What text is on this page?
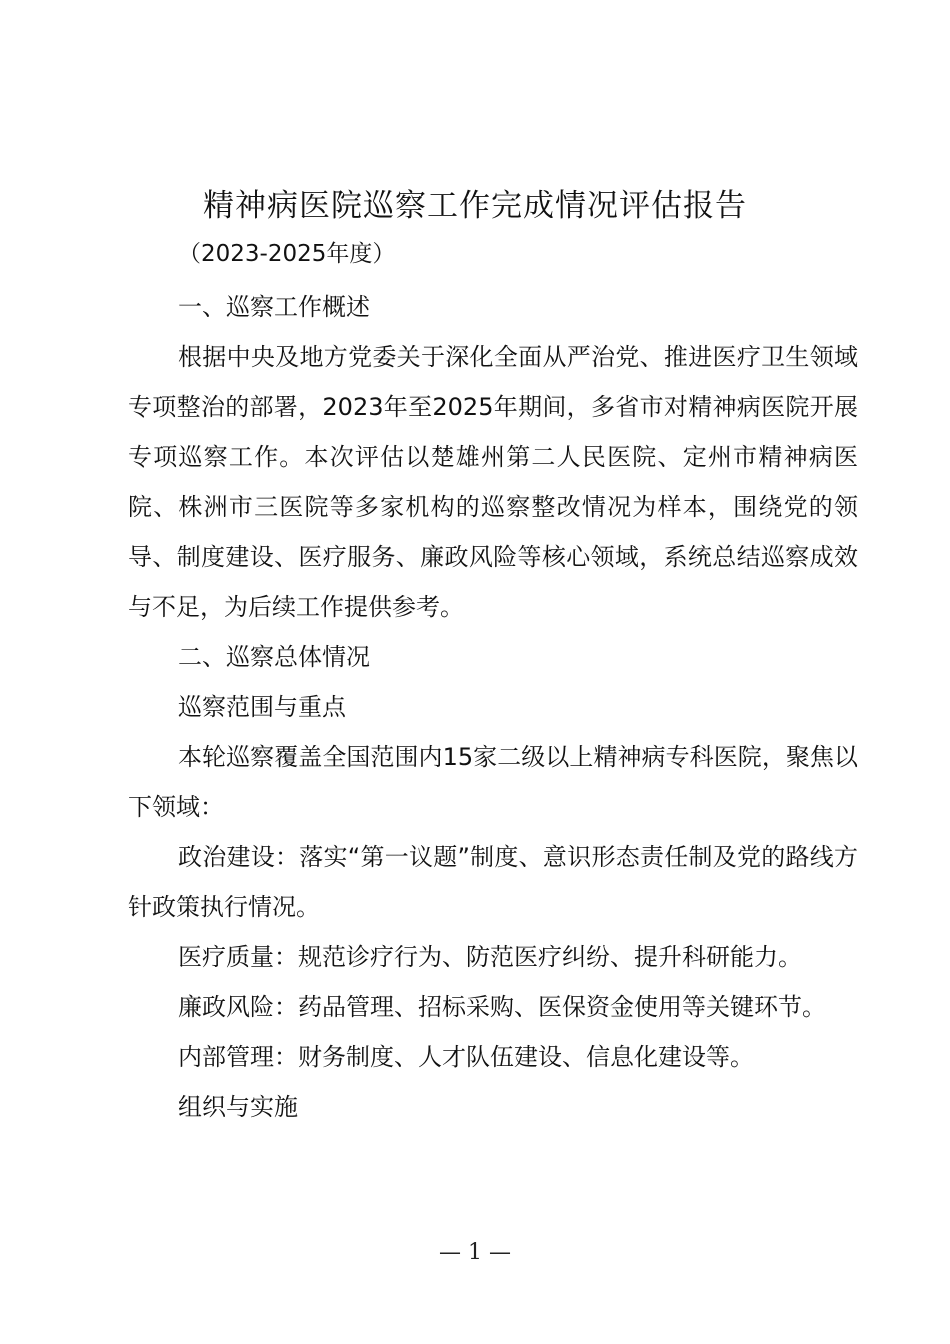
精神病医院巡察工作完成情况评估报告
（2023-2025年度）

一、巡察工作概述

根据中央及地方党委关于深化全面从严治党、推进医疗卫生领域专项整治的部署，2023年至2025年期间，多省市对精神病医院开展专项巡察工作。本次评估以楚雄州第二人民医院、定州市精神病医院、株洲市三医院等多家机构的巡察整改情况为样本，围绕党的领导、制度建设、医疗服务、廉政风险等核心领域，系统总结巡察成效与不足，为后续工作提供参考。

二、巡察总体情况

巡察范围与重点

本轮巡察覆盖全国范围内15家二级以上精神病专科医院，聚焦以下领域：

政治建设：落实“第一议题”制度、意识形态责任制及党的路线方针政策执行情况。

医疗质量：规范诊疗行为、防范医疗纠纷、提升科研能力。

廉政风险：药品管理、招标采购、医保资金使用等关键环节。

内部管理：财务制度、人才队伍建设、信息化建设等。

组织与实施

— 1 —
